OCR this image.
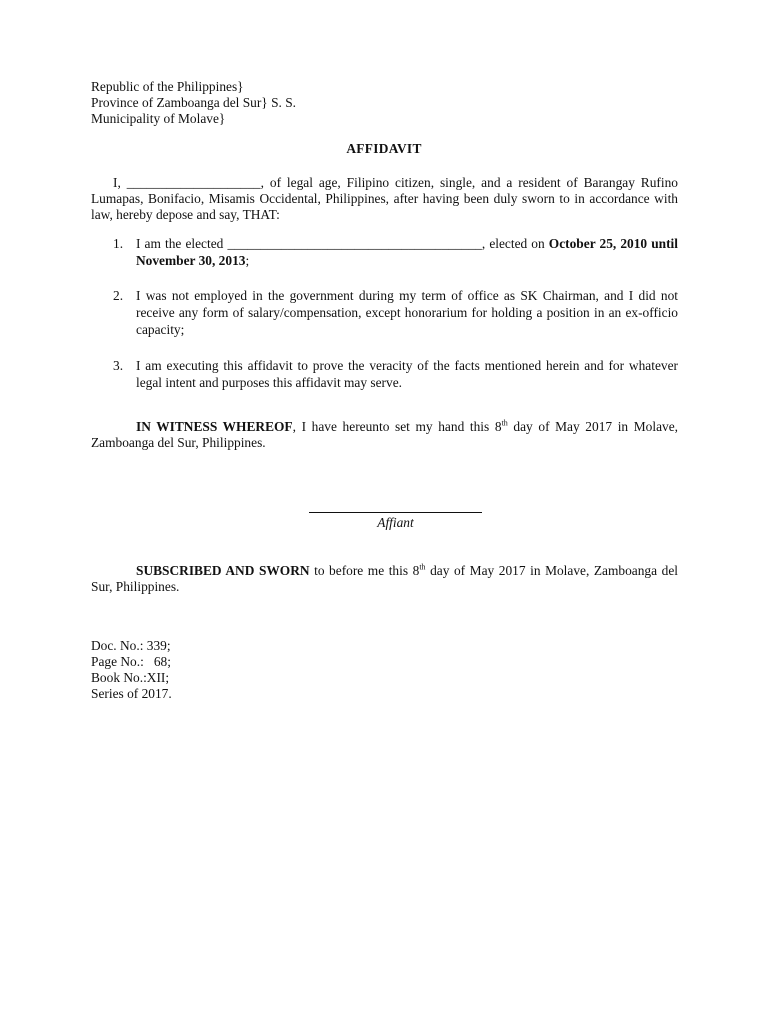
Republic of the Philippines}
Province of Zamboanga del Sur} S. S.
Municipality of Molave}
AFFIDAVIT
I, ____________________, of legal age, Filipino citizen, single, and a resident of Barangay Rufino Lumapas, Bonifacio, Misamis Occidental, Philippines, after having been duly sworn to in accordance with law, hereby depose and say, THAT:
1. I am the elected ______________________________________, elected on October 25, 2010 until November 30, 2013;
2. I was not employed in the government during my term of office as SK Chairman, and I did not receive any form of salary/compensation, except honorarium for holding a position in an ex-officio capacity;
3. I am executing this affidavit to prove the veracity of the facts mentioned herein and for whatever legal intent and purposes this affidavit may serve.
IN WITNESS WHEREOF, I have hereunto set my hand this 8th day of May 2017 in Molave, Zamboanga del Sur, Philippines.
Affiant
SUBSCRIBED AND SWORN to before me this 8th day of May 2017 in Molave, Zamboanga del Sur, Philippines.
Doc. No.: 339;
Page No.:   68;
Book No.:XII;
Series of 2017.
